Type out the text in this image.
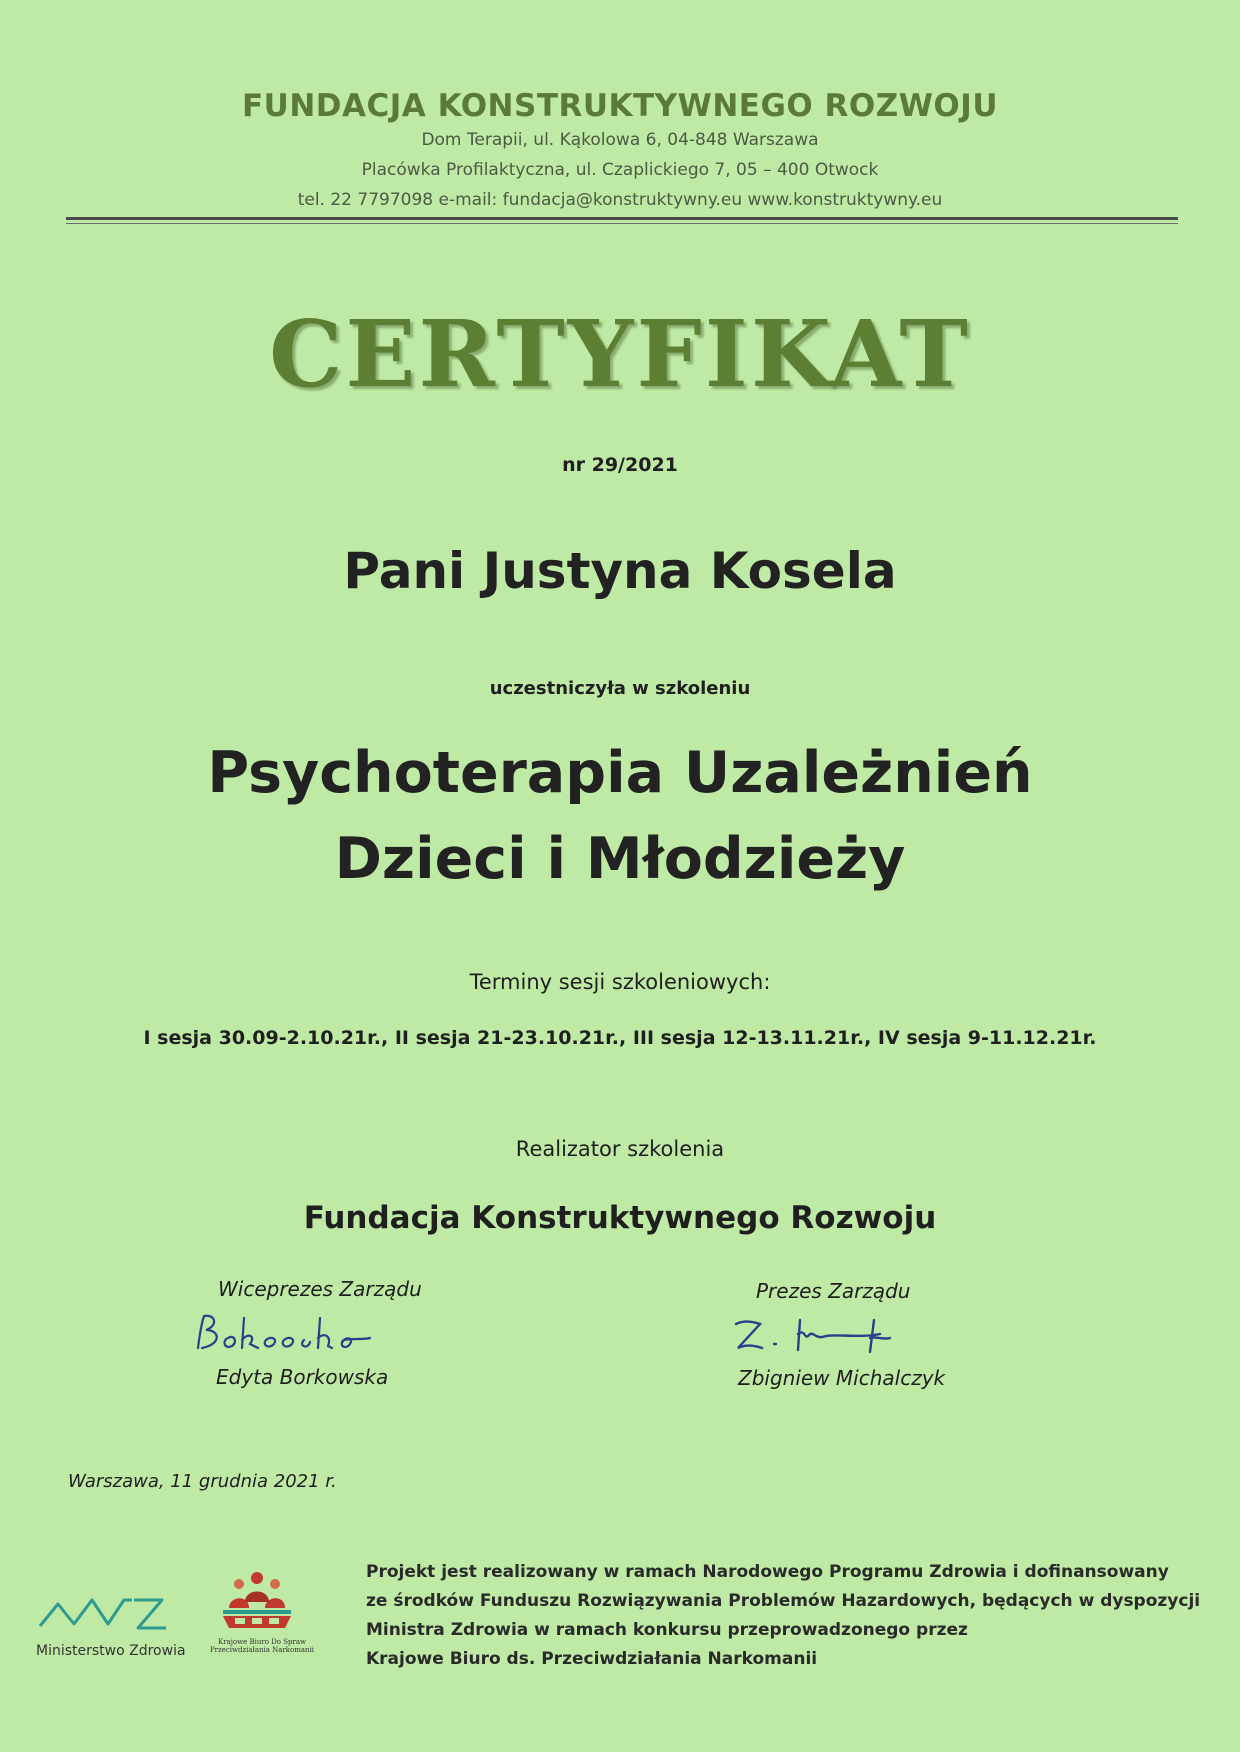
FUNDACJA KONSTRUKTYWNEGO ROZWOJU
Dom Terapii, ul. Kąkolowa 6, 04-848 Warszawa
Placówka Profilaktyczna, ul. Czaplickiego 7, 05 – 400 Otwock
tel. 22 7797098 e-mail: fundacja@konstruktywny.eu www.konstruktywny.eu
CERTYFIKAT
nr 29/2021
Pani Justyna Kosela
uczestniczyła w szkoleniu
Psychoterapia Uzależnień
Dzieci i Młodzieży
Terminy sesji szkoleniowych:
I sesja 30.09-2.10.21r., II sesja 21-23.10.21r., III sesja 12-13.11.21r., IV sesja 9-11.12.21r.
Realizator szkolenia
Fundacja Konstruktywnego Rozwoju
Wiceprezes Zarządu
Edyta Borkowska
Prezes Zarządu
Zbigniew Michalczyk
Warszawa, 11 grudnia 2021 r.
Ministerstwo Zdrowia
Krajowe Biuro Do Spraw Przeciwdziałania Narkomanii
Projekt jest realizowany w ramach Narodowego Programu Zdrowia i dofinansowany
ze środków Funduszu Rozwiązywania Problemów Hazardowych, będących w dyspozycji
Ministra Zdrowia w ramach konkursu przeprowadzonego przez
Krajowe Biuro ds. Przeciwdziałania Narkomanii
